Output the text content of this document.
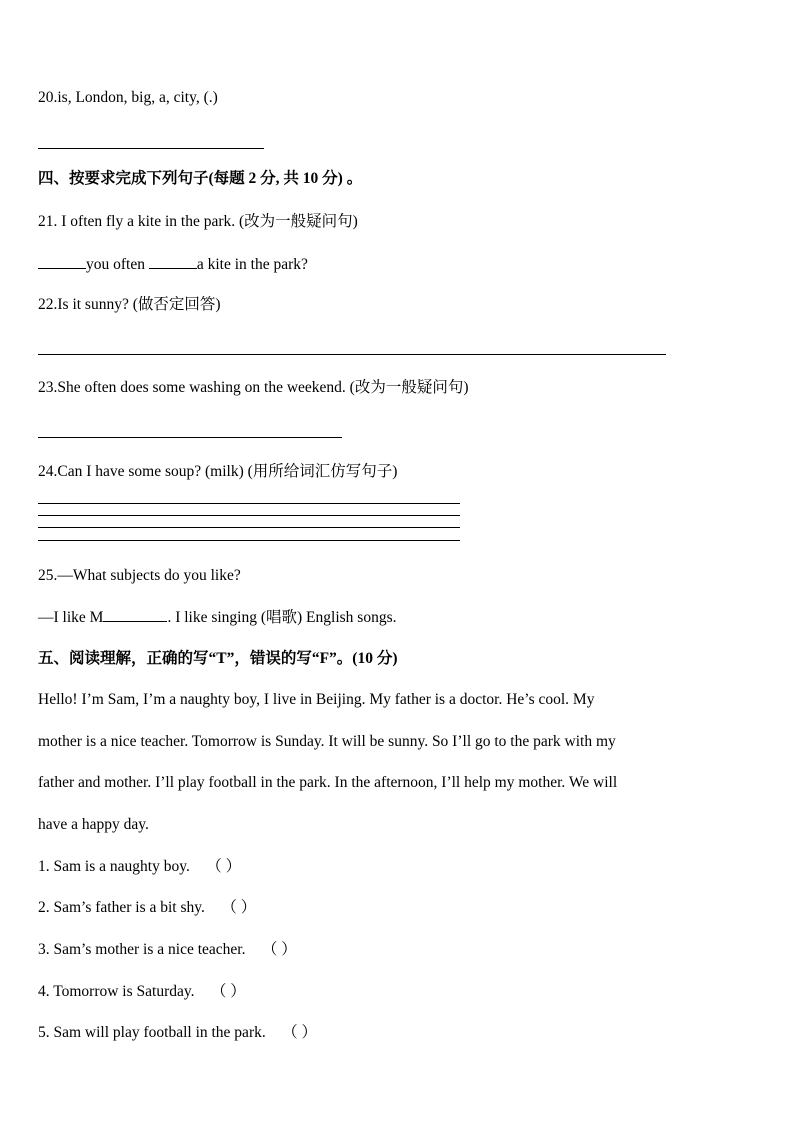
20.is, London, big, a, city, (.)
四、按要求完成下列句子(每题 2 分, 共 10 分) 。
21. I often fly a kite in the park. (改为一般疑问句)
you often	a kite in the park?
22.Is it sunny? (做否定回答)
23.She often does some washing on the weekend. (改为一般疑问句)
24.Can I have some soup? (milk) (用所给词汇仿写句子)
25.—What subjects do you like?
—I like M	. I like singing (唱歌) English songs.
五、阅读理解，正确的写“T”，错误的写“F”。(10 分)
Hello! I’m Sam, I’m a naughty boy, I live in Beijing. My father is a doctor. He’s cool. My
mother is a nice teacher. Tomorrow is Sunday. It will be sunny. So I’ll go to the park with my
father and mother. I’ll play football in the park. In the afternoon, I’ll help my mother. We will
have a happy day.
1. Sam is a naughty boy. （ ）
2. Sam’s father is a bit shy. （ ）
3. Sam’s mother is a nice teacher. （ ）
4. Tomorrow is Saturday. （ ）
5. Sam will play football in the park. （ ）
